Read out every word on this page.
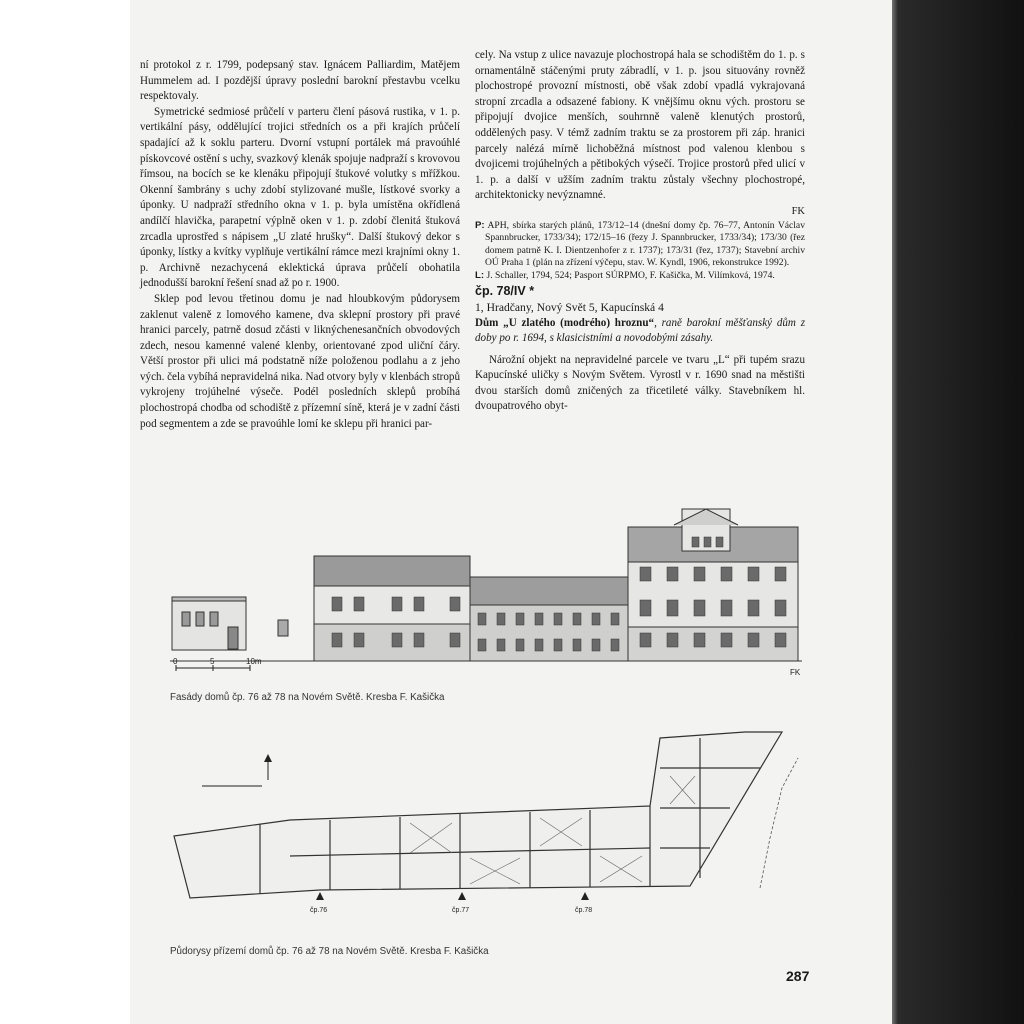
ní protokol z r. 1799, podepsaný stav. Ignácem Palliardim, Matějem Hummelem ad. I pozdější úpravy poslední barokní přestavbu vcelku respektovaly.

Symetrické sedmiosé průčelí v parteru člení pásová rustika, v 1. p. vertikální pásy, oddělující trojici středních os a při krajích průčelí spadající až k soklu parteru. Dvorní vstupní portálek má pravoúhlé pískovcové ostění s uchy, svazkový klenák spojuje nadpraží s krovovou římsou, na bocích se ke klenáku připojují štukové volutky s mřížkou. Okenní šambrány s uchy zdobí stylizované mušle, lístkové svorky a úponky. U nadpraží středního okna v 1. p. byla umístěna okřídlená andílčí hlavička, parapetní výplně oken v 1. p. zdobí členitá štuková zrcadla uprostřed s nápisem „U zlaté hrušky“. Další štukový dekor s úponky, lístky a kvítky vyplňuje vertikální rámce mezi krajními okny 1. p. Archivně nezachycená eklektická úprava průčelí obohatila jednodušší barokní řešení snad až po r. 1900.

Sklep pod levou třetinou domu je nad hloubkovým půdorysem zaklenut valeně z lomového kamene, dva sklepní prostory při pravé hranici parcely, patrně dosud zčásti v liknýchenesančních obvodových zdech, nesou kamenné valené klenby, orientované zpod uliční čáry. Větší prostor při ulici má podstatně níže položenou podlahu a z jeho vých. čela vybíhá nepravidelná nika. Nad otvory byly v klenbách stropů vykrojeny trojúhelné výsečе. Podél posledních sklepů probíhá plochostropá chodba od schodiště z přízemní síně, která je v zadní části pod segmentem a zde se pravoúhle lomí ke sklepu při hranici par-

cely. Na vstup z ulice navazuje plochostropá hala se schodištěm do 1. p. s ornamentálně stáčenými pruty zábradlí, v 1. p. jsou situovány rovněž plochostropé provozní místnosti, obě však zdobí vpadlá vykrajovaná stropní zrcadla a odsazené fabiony. K vnějšímu oknu vých. prostoru se připojují dvojice menších, souhrnně valeně klenutých prostorů, oddělených pasy. V témž zadním traktu se za prostorem při záp. hranici parcely nalézá mírně lichoběžná místnost pod valenou klenbou s dvojicemi trojúhelných a pětibokých výsečí. Trojice prostorů před ulicí v 1. p. a další v užším zadním traktu zůstaly všechny plochostropé, architektonicky nevýznamné.

FK

P: APH, sbírka starých plánů, 173/12–14 (dnešní domy čp. 76–77, Antonín Václav Spannbrucker, 1733/34); 172/15–16 (řezy J. Spannbrucker, 1733/34); 173/30 (řez domem patrně K. I. Dientzenhofer z r. 1737); 173/31 (řez, 1737); Stavební archiv OÚ Praha 1 (plán na zřízení výčepu, stav. W. Kyndl, 1906, rekonstrukce 1992).

L: J. Schaller, 1794, 524; Pasport SÚRPMO, F. Kašička, M. Vilímková, 1974.

čp. 78/IV *

1, Hradčany, Nový Svět 5, Kapucínská 4

Dům „U zlatého (modrého) hroznu“, raně barokní měšťanský dům z doby po r. 1694, s klasicistními a novodobými zásahy.

Nárožní objekt na nepravidelné parcele ve tvaru „L“ při tupém srazu Kapucínské uličky s Novým Světem. Vyrostl v r. 1690 snad na městišti dvou starších domů zničených za třicetileté války. Stavebníkem hl. dvoupatrového obyt-

0	5	10m
FK
Fasády domů čp. 76 až 78 na Novém Světě. Kresba F. Kašička
čp.76	čp.77	čp.78
Půdorysy přízemí domů čp. 76 až 78 na Novém Světě. Kresba F. Kašička
287
